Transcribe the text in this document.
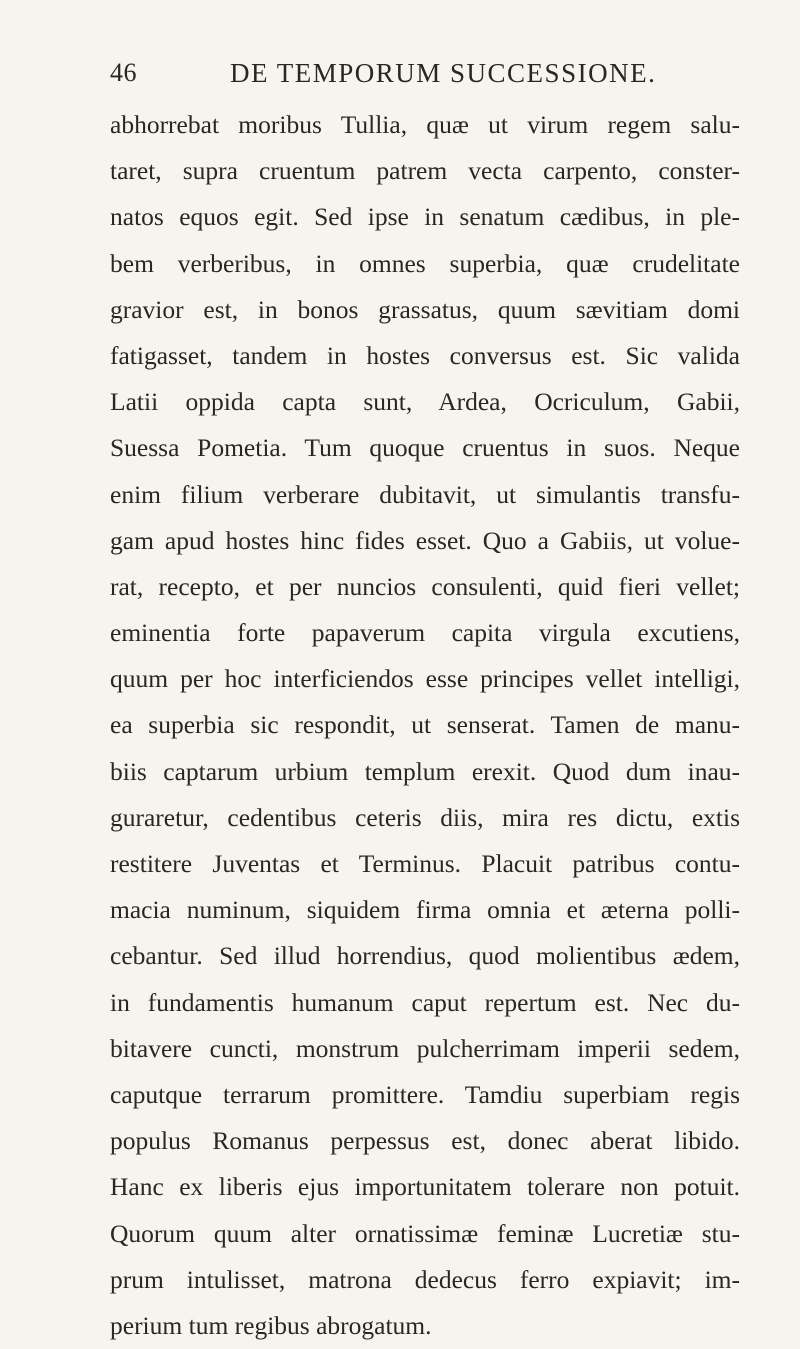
46	DE TEMPORUM SUCCESSIONE.
abhorrebat moribus Tullia, quæ ut virum regem salu-
taret, supra cruentum patrem vecta carpento, conster-
natos equos egit. Sed ipse in senatum cædibus, in ple-
bem verberibus, in omnes superbia, quæ crudelitate
gravior est, in bonos grassatus, quum sævitiam domi
fatigasset, tandem in hostes conversus est. Sic valida
Latii oppida capta sunt, Ardea, Ocriculum, Gabii,
Suessa Pometia. Tum quoque cruentus in suos. Neque
enim filium verberare dubitavit, ut simulantis transfu-
gam apud hostes hinc fides esset. Quo a Gabiis, ut volue-
rat, recepto, et per nuncios consulenti, quid fieri vellet;
eminentia forte papaverum capita virgula excutiens,
quum per hoc interficiendos esse principes vellet intelligi,
ea superbia sic respondit, ut senserat. Tamen de manu-
biis captarum urbium templum erexit. Quod dum inau-
guraretur, cedentibus ceteris diis, mira res dictu, extis
restitere Juventas et Terminus. Placuit patribus contu-
macia numinum, siquidem firma omnia et æterna polli-
cebantur. Sed illud horrendius, quod molientibus ædem,
in fundamentis humanum caput repertum est. Nec du-
bitavere cuncti, monstrum pulcherrimam imperii sedem,
caputque terrarum promittere. Tamdiu superbiam regis
populus Romanus perpessus est, donec aberat libido.
Hanc ex liberis ejus importunitatem tolerare non potuit.
Quorum quum alter ornatissimæ feminæ Lucretiæ stu-
prum intulisset, matrona dedecus ferro expiavit; im-
perium tum regibus abrogatum.
